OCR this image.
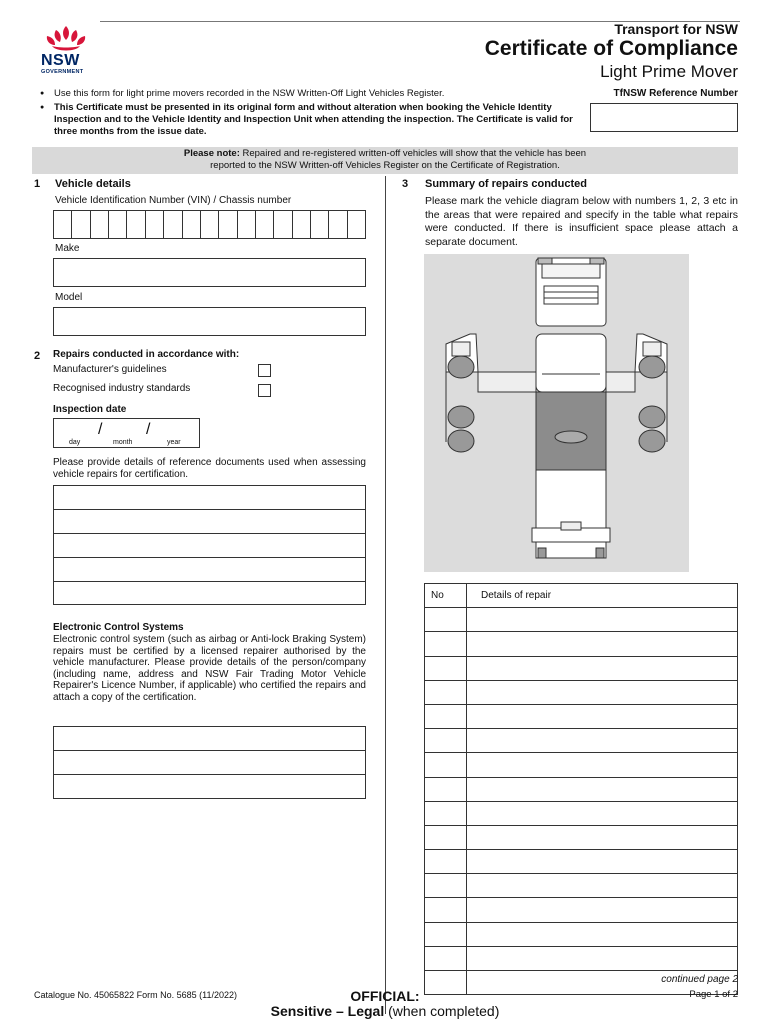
NSW
GOVERNMENT
Transport for NSW
Certificate of Compliance
Light Prime Mover
● Use this form for light prime movers recorded in the NSW Written-Off Light Vehicles Register.
● This Certificate must be presented in its original form and without alteration when booking the Vehicle Identity Inspection and to the Vehicle Identity and Inspection Unit when attending the inspection. The Certificate is valid for three months from the issue date.
TfNSW Reference Number
Please note: Repaired and re-registered written-off vehicles will show that the vehicle has been
reported to the NSW Written-off Vehicles Register on the Certificate of Registration.
1 Vehicle details
Vehicle Identification Number (VIN) / Chassis number
Make
Model
2 Repairs conducted in accordance with:
Manufacturer's guidelines
Recognised industry standards
Inspection date
/	/
day	month	year
Please provide details of reference documents used when assessing vehicle repairs for certification.
Electronic Control Systems
Electronic control system (such as airbag or Anti-lock Braking System) repairs must be certified by a licensed repairer authorised by the vehicle manufacturer. Please provide details of the person/company (including name, address and NSW Fair Trading Motor Vehicle Repairer's Licence Number, if applicable) who certified the repairs and attach a copy of the certification.
3 Summary of repairs conducted
Please mark the vehicle diagram below with numbers 1, 2, 3 etc in the areas that were repaired and specify in the table what repairs were conducted. If there is insufficient space please attach a separate document.
No	Details of repair

Catalogue No. 45065822 Form No. 5685 (11/2022)
continued page 2
Page 1 of 2
OFFICIAL:
Sensitive – Legal (when completed)
